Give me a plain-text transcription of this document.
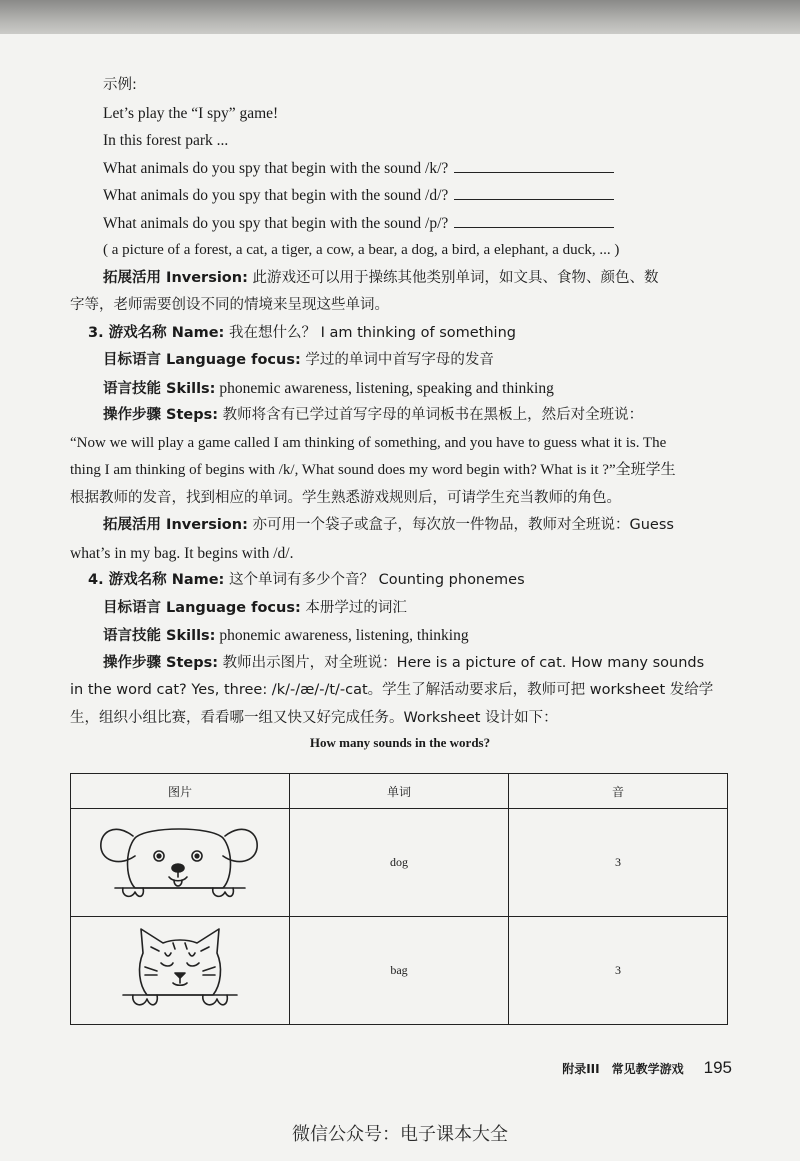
示例:
Let’s play the “I spy” game!
In this forest park ...
What animals do you spy that begin with the sound /k/?
What animals do you spy that begin with the sound /d/?
What animals do you spy that begin with the sound /p/?
( a picture of a forest, a cat, a tiger, a cow, a bear, a dog, a bird, a elephant, a duck, ... )
拓展活用 Inversion: 此游戏还可以用于操练其他类别单词，如文具、食物、颜色、数
字等，老师需要创设不同的情境来呈现这些单词。
3. 游戏名称 Name: 我在想什么？ I am thinking of something
目标语言 Language focus: 学过的单词中首写字母的发音
语言技能 Skills: phonemic awareness, listening, speaking and thinking
操作步骤 Steps: 教师将含有已学过首写字母的单词板书在黑板上，然后对全班说：
“Now we will play a game called I am thinking of something, and you have to guess what it is. The
thing I am thinking of begins with /k/, What sound does my word begin with? What is it ?”全班学生
根据教师的发音，找到相应的单词。学生熟悉游戏规则后，可请学生充当教师的角色。
拓展活用 Inversion: 亦可用一个袋子或盒子，每次放一件物品，教师对全班说：Guess
what’s in my bag. It begins with /d/.
4. 游戏名称 Name: 这个单词有多少个音？ Counting phonemes
目标语言 Language focus: 本册学过的词汇
语言技能 Skills: phonemic awareness, listening, thinking
操作步骤 Steps: 教师出示图片，对全班说：Here is a picture of cat. How many sounds
in the word cat? Yes, three: /k/-/æ/-/t/-cat。学生了解活动要求后，教师可把 worksheet 发给学
生，组织小组比赛，看看哪一组又快又好完成任务。Worksheet 设计如下：
How many sounds in the words?
图片	单词	音
	dog	3
	bag	3
附录III　常见教学游戏 195
微信公众号：电子课本大全
